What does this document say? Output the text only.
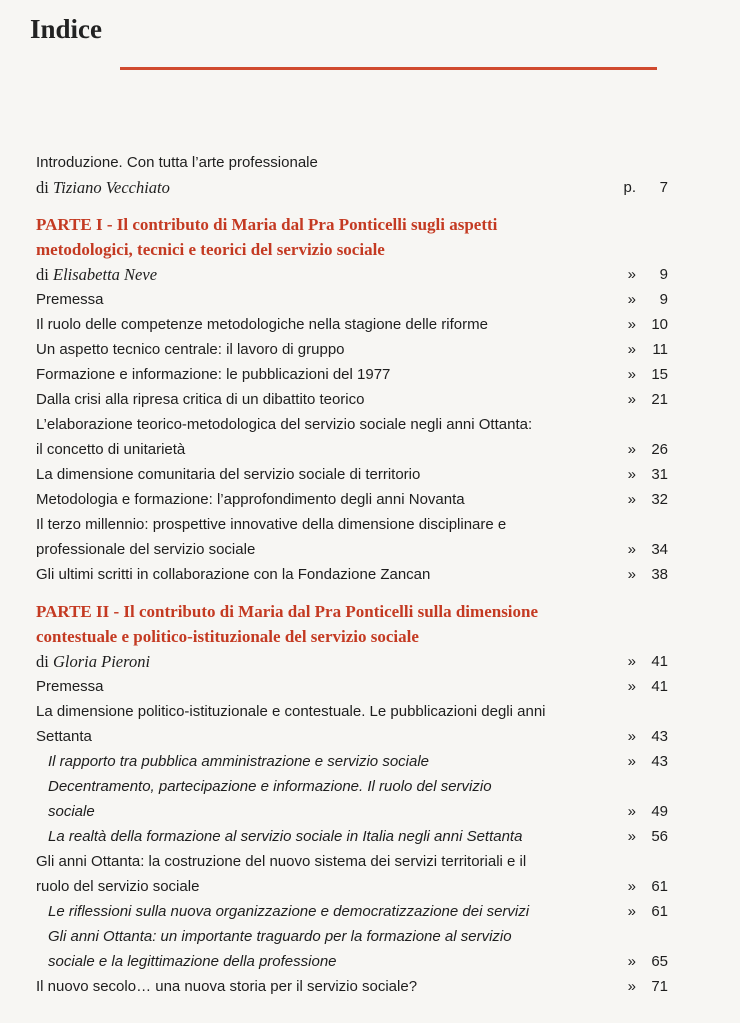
Indice
Introduzione. Con tutta l’arte professionale
di Tiziano Vecchiato	p. 7
PARTE I - Il contributo di Maria dal Pra Ponticelli sugli aspetti
metodologici, tecnici e teorici del servizio sociale
di Elisabetta Neve	» 9
Premessa	» 9
Il ruolo delle competenze metodologiche nella stagione delle riforme	» 10
Un aspetto tecnico centrale: il lavoro di gruppo	» 11
Formazione e informazione: le pubblicazioni del 1977	» 15
Dalla crisi alla ripresa critica di un dibattito teorico	» 21
L’elaborazione teorico-metodologica del servizio sociale negli anni Ottanta:
il concetto di unitarietà	» 26
La dimensione comunitaria del servizio sociale di territorio	» 31
Metodologia e formazione: l’approfondimento degli anni Novanta	» 32
Il terzo millennio: prospettive innovative della dimensione disciplinare e
professionale del servizio sociale	» 34
Gli ultimi scritti in collaborazione con la Fondazione Zancan	» 38
PARTE II - Il contributo di Maria dal Pra Ponticelli sulla dimensione
contestuale e politico-istituzionale del servizio sociale
di Gloria Pieroni	» 41
Premessa	» 41
La dimensione politico-istituzionale e contestuale. Le pubblicazioni degli anni
Settanta	» 43
Il rapporto tra pubblica amministrazione e servizio sociale	» 43
Decentramento, partecipazione e informazione. Il ruolo del servizio
sociale	» 49
La realtà della formazione al servizio sociale in Italia negli anni Settanta	» 56
Gli anni Ottanta: la costruzione del nuovo sistema dei servizi territoriali e il
ruolo del servizio sociale	» 61
Le riflessioni sulla nuova organizzazione e democratizzazione dei servizi	» 61
Gli anni Ottanta: un importante traguardo per la formazione al servizio
sociale e la legittimazione della professione	» 65
Il nuovo secolo… una nuova storia per il servizio sociale?	» 71
